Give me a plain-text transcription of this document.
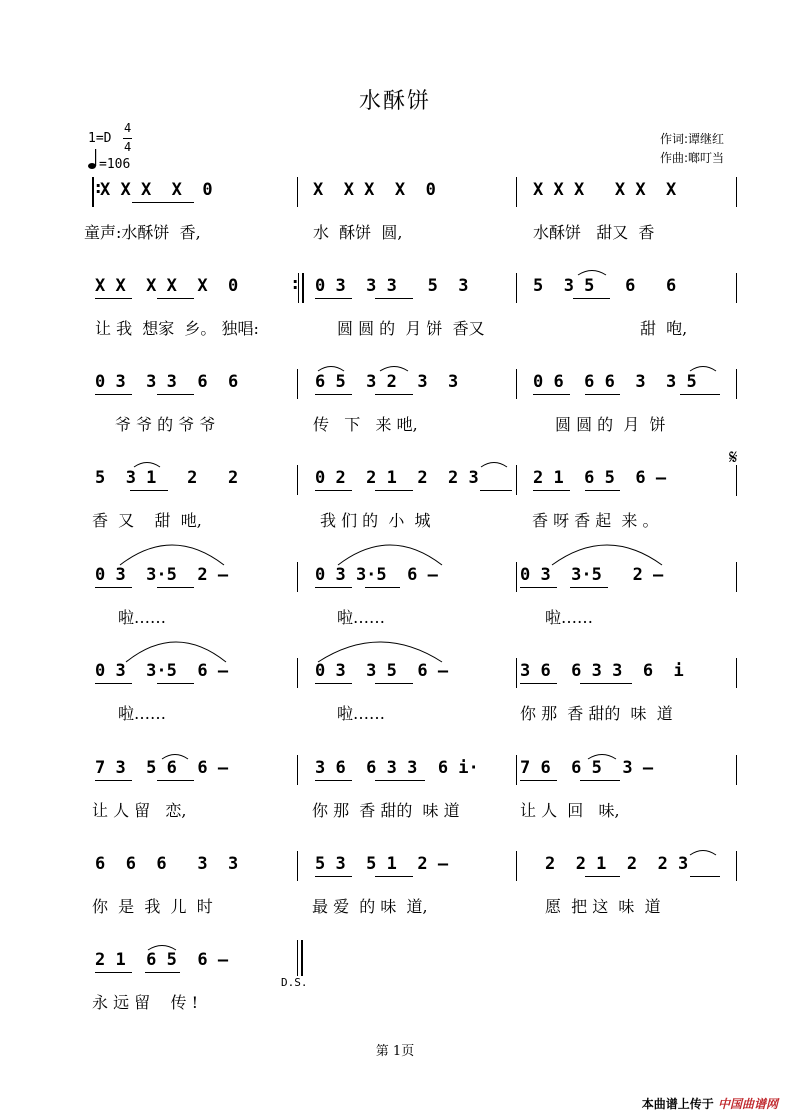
水酥饼
1=D
4
4
=106
作词:谭继红
作曲:啷叮当
X X X  X  0	X  X X  X  0	X X X   X X  X
童声:水酥饼  香,	水  酥饼  圆,	水酥饼   甜又  香
X X  X X  X  0	0 3  3 3   5  3	5  3 5   6   6
让 我  想家  乡。 独唱:	圆 圆 的  月 饼  香又	甜  咆,
0 3  3 3  6  6	6 5  3 2  3  3	0 6  6 6  3  3 5
爷 爷 的 爷 爷	传   下   来 吔,	圆 圆 的  月  饼
5  3 1   2   2	0 2  2 1  2  2 3	2 1  6 5  6 –
香  又    甜  吔,	我 们 的  小  城	香 呀 香 起  来 。
0 3  3·5  2 –	0 3 3·5  6 –	0 3  3·5   2 –
啦……	啦……	啦……
0 3  3·5  6 –	0 3  3 5  6 –	3 6  6 3 3  6  i
啦……	啦……	你 那  香 甜的  味  道
7 3  5 6  6 –	3 6  6 3 3  6 i· 7 6  6 5  3 –
让 人 留   恋,	你 那  香 甜的  味 道	让 人  回   味,
6  6  6   3  3	5 3  5 1  2 –	2  2 1  2  2 3
你  是  我  儿  时	最 爱  的 味  道,	愿  把 这  味  道
2 1  6 5  6 –
永 远 留    传 !
:
:
D.S.
𝄋
第 1页
本曲谱上传于 中国曲谱网
